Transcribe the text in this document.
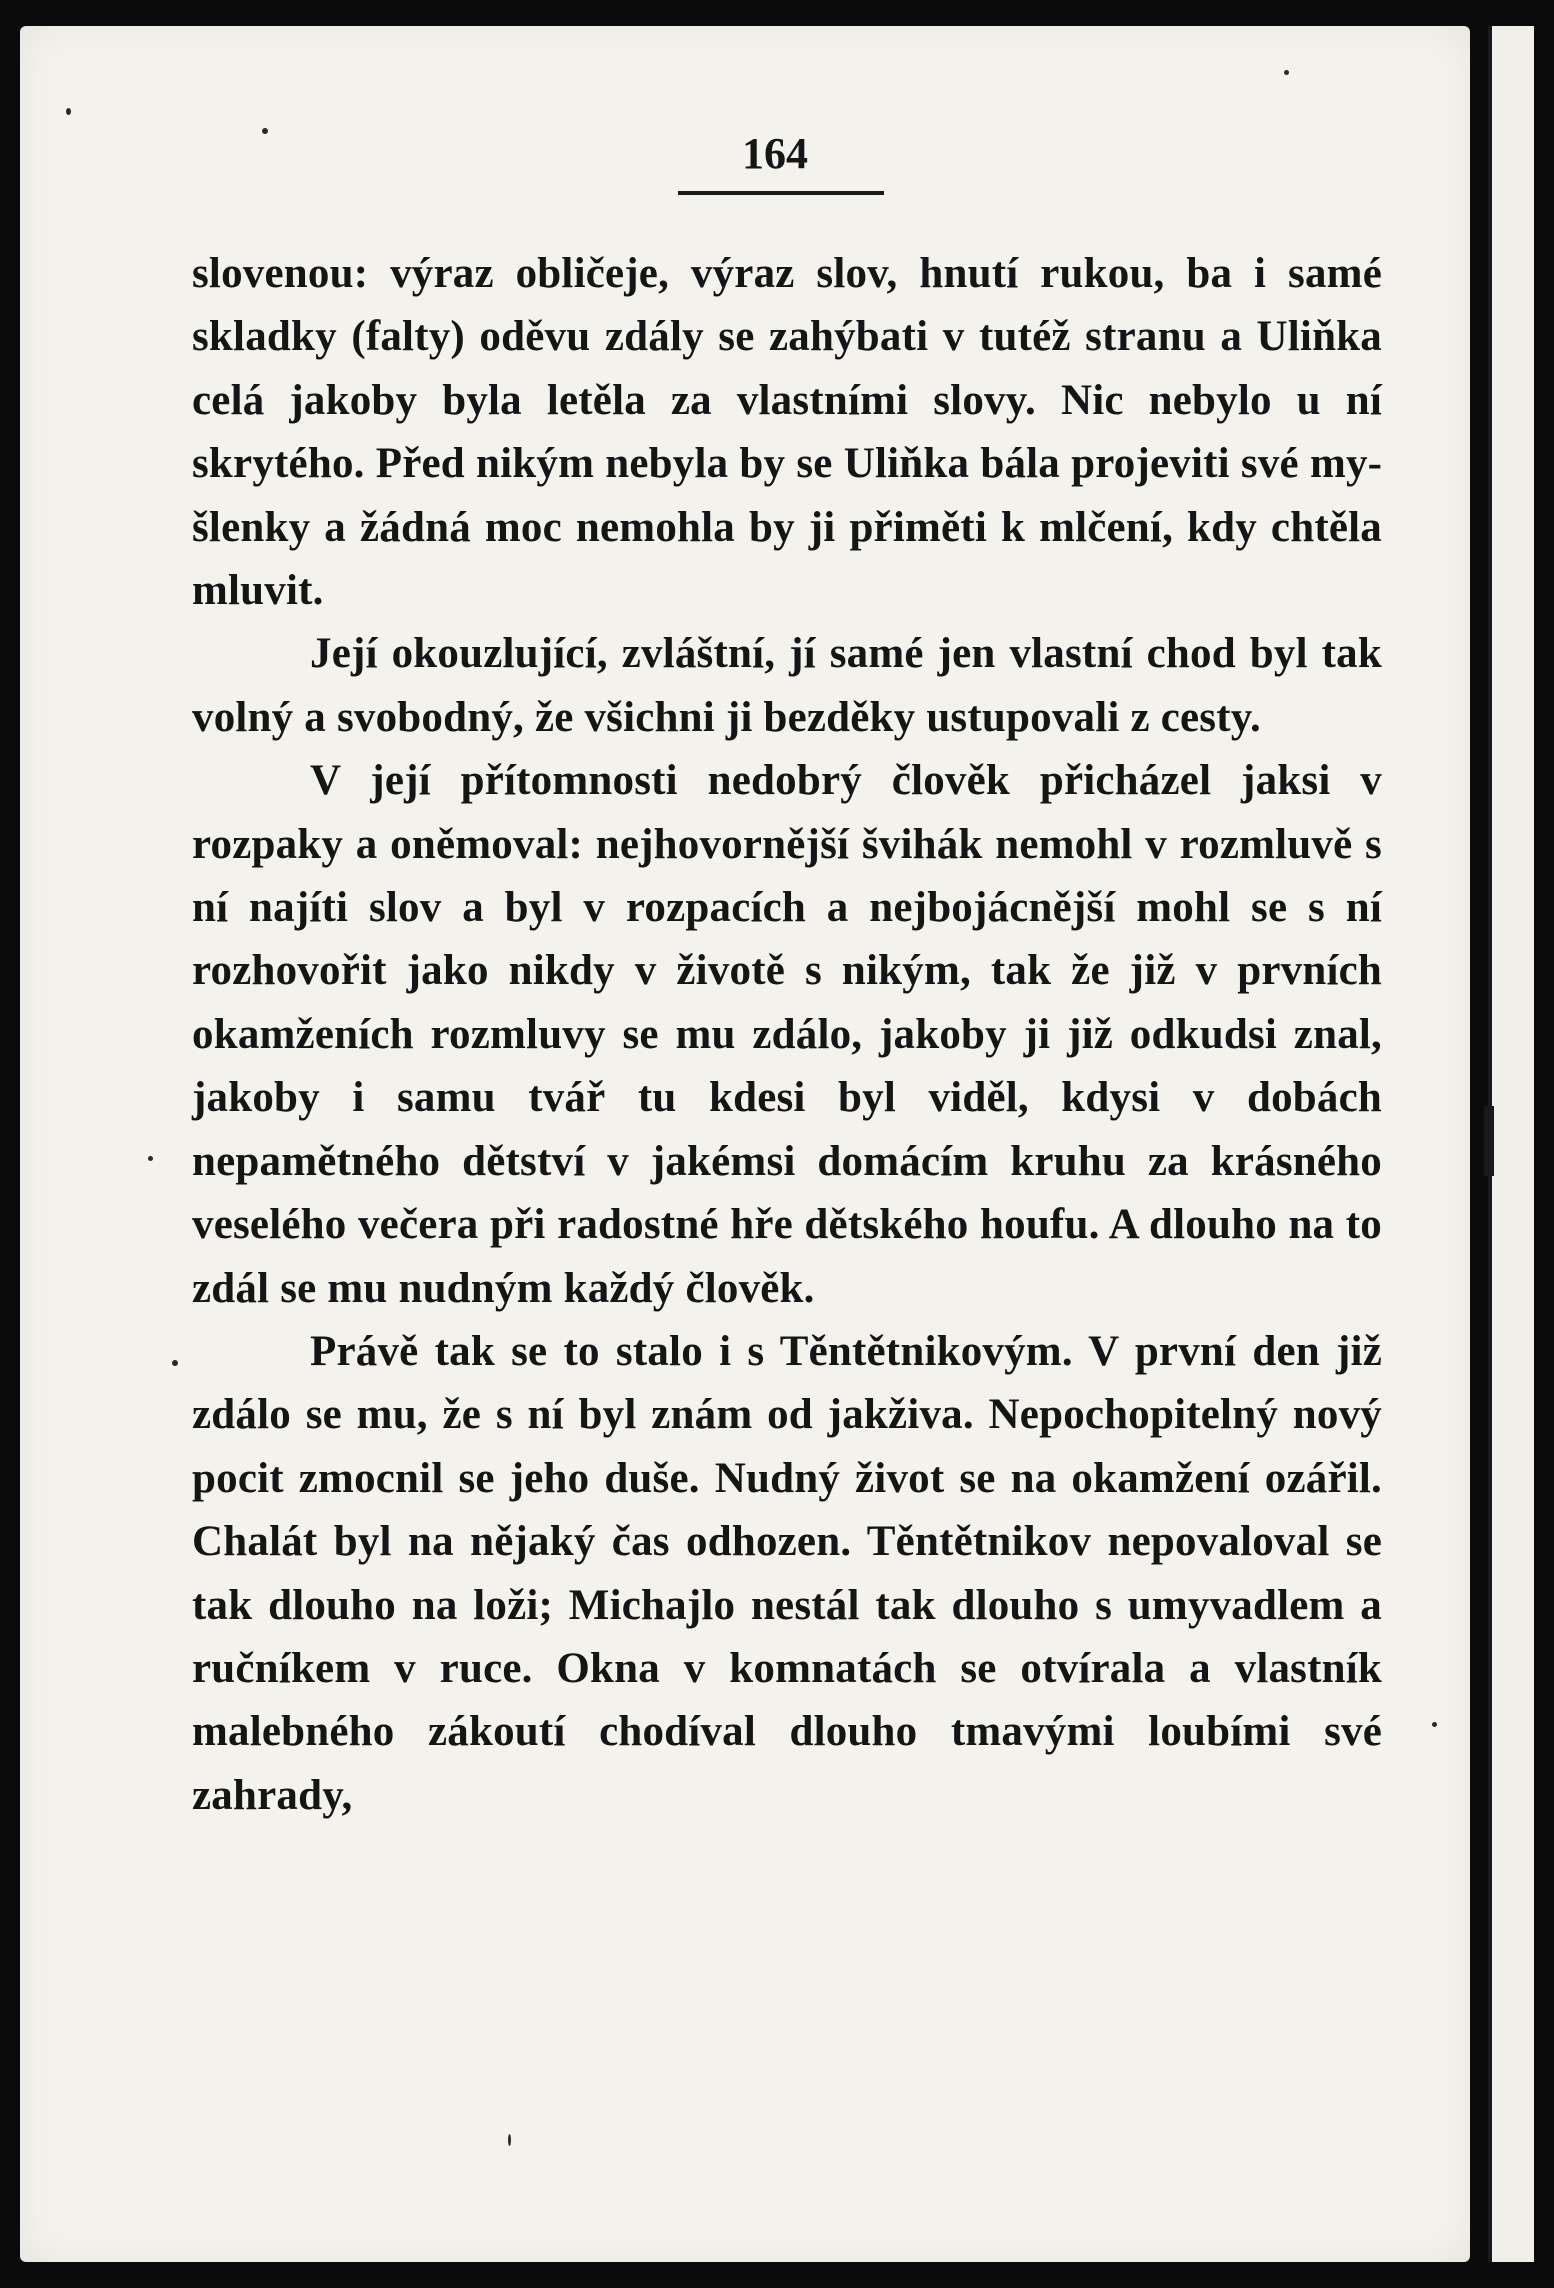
164

slovenou: výraz obličeje, výraz slov, hnutí rukou, ba i samé skladky (falty) oděvu zdály se zahýbati v tutéž stranu a Uliňka celá jakoby byla letěla za vlastními slovy. Nic nebylo u ní skrytého. Před nikým nebyla by se Uliňka bála projeviti své myšlenky a žádná moc nemohla by ji přiměti k mlčení, kdy chtěla mluvit.

Její okouzlující, zvláštní, jí samé jen vlastní chod byl tak volný a svobodný, že všichni ji bezděky ustupovali z cesty.

V její přítomnosti nedobrý člověk přicházel jaksi v rozpaky a oněmoval: nejhovornější švihák nemohl v rozmluvě s ní najíti slov a byl v rozpacích a nejbojácnější mohl se s ní rozhovořit jako nikdy v životě s nikým, tak že již v prvních okamženích rozmluvy se mu zdálo, jakoby ji již odkudsi znal, jakoby i samu tvář tu kdesi byl viděl, kdysi v dobách nepamětného dětství v jakémsi domácím kruhu za krásného veselého večera při radostné hře dětského houfu. A dlouho na to zdál se mu nudným každý člověk.

Právě tak se to stalo i s Těntětnikovým. V první den již zdálo se mu, že s ní byl znám od jakživa. Nepochopitelný nový pocit zmocnil se jeho duše. Nudný život se na okamžení ozářil. Chalát byl na nějaký čas odhozen. Těntětnikov nepovaloval se tak dlouho na loži; Michajlo nestál tak dlouho s umyvadlem a ručníkem v ruce. Okna v komnatách se otvírala a vlastník malebného zákoutí chodíval dlouho tmavými loubími své zahrady,
